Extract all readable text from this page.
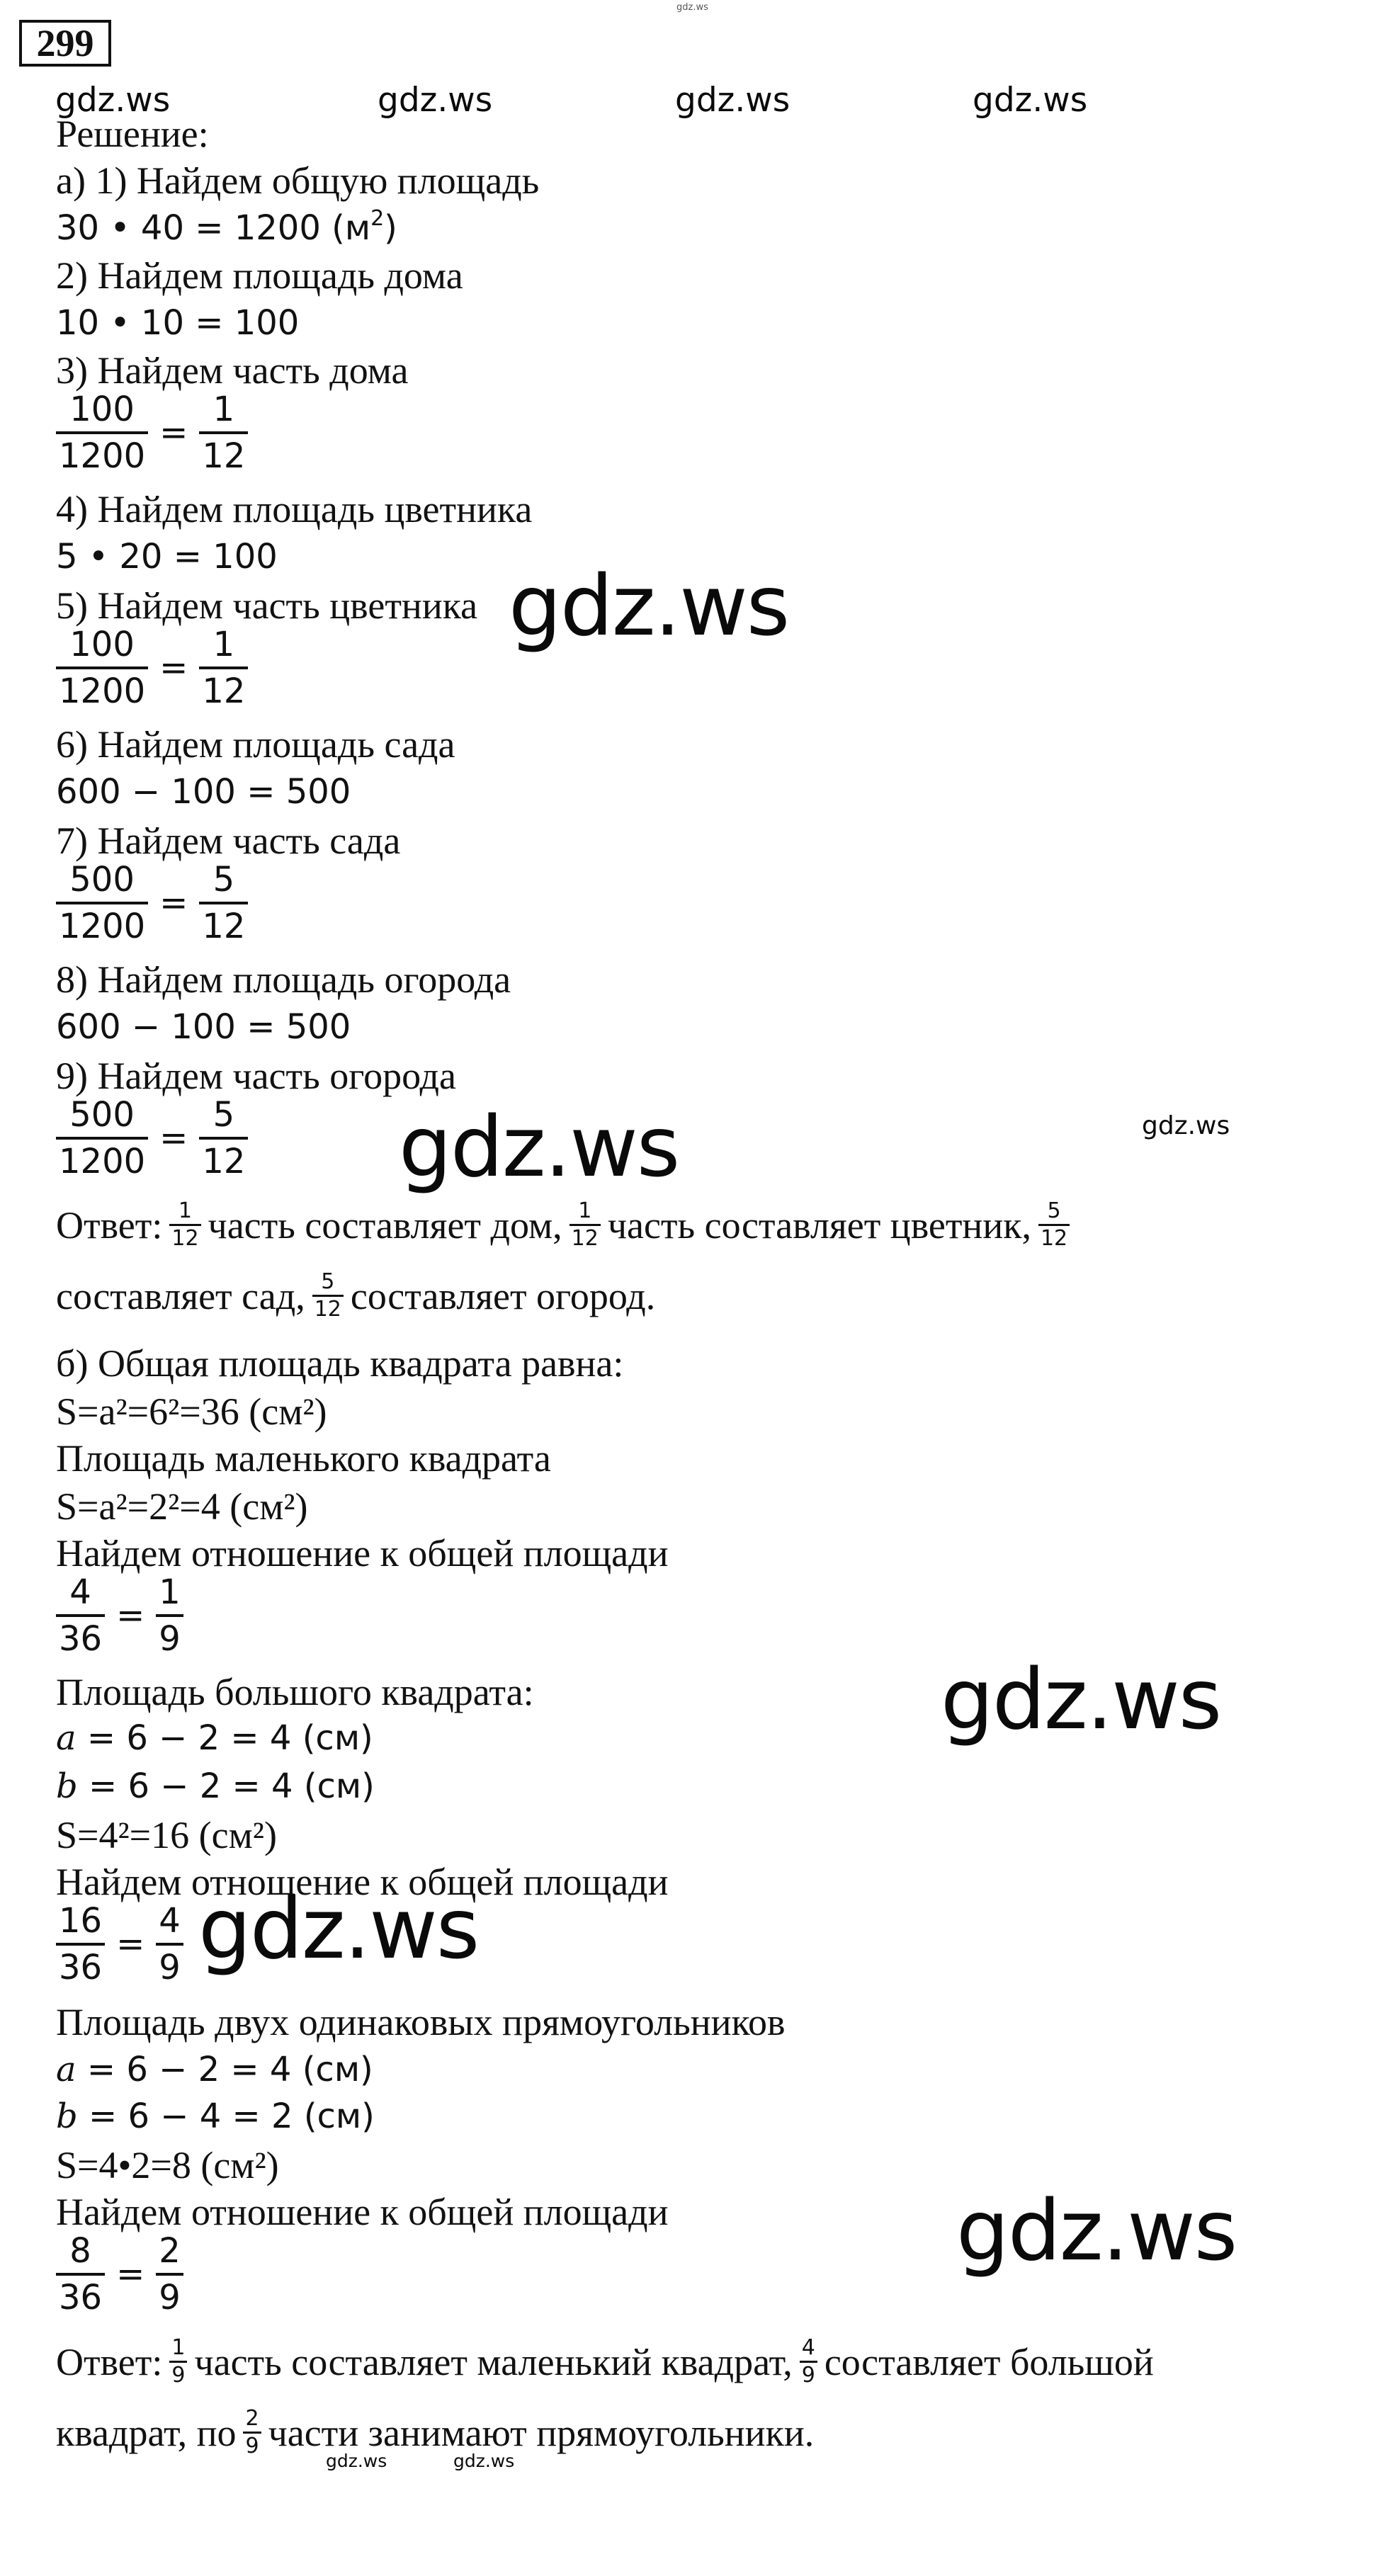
gdz.ws
299
gdz.ws	gdz.ws	gdz.ws	gdz.ws
Решение:
а) 1) Найдем общую площадь
30 • 40 = 1200 $(м^2)$
2) Найдем площадь дома
10 • 10 = 100
3) Найдем часть дома
$\frac{100}{1200} = \frac{1}{12}$
4) Найдем площадь цветника
5 • 20 = 100
5) Найдем часть цветника
$\frac{100}{1200} = \frac{1}{12}$
gdz.ws
6) Найдем площадь сада
600 − 100 = 500
7) Найдем часть сада
$\frac{500}{1200} = \frac{5}{12}$
8) Найдем площадь огорода
600 − 100 = 500
9) Найдем часть огорода
$\frac{500}{1200} = \frac{5}{12} gdz.ws$	gdz.ws
Ответ: 1
12 часть составляет дом, 1
12 часть составляет цветник, 5
12
составляет сад, 5
12 составляет огород.
б) Общая площадь квадрата равна:
S=a²=6²=36 (см²)
Площадь маленького квадрата
S=a²=2²=4 (см²)
Найдем отношение к общей площади
$\frac{4}{36} = \frac{1}{9}$
Площадь большого квадрата:	gdz.ws
a = 6 − 2 = 4 (см)
b = 6 − 2 = 4 (см)
S=4²=16 (см²)
Найдем отношение к общей площади
$\frac{16}{36} = \frac{4}{9} gdz.ws$
Площадь двух одинаковых прямоугольников
a = 6 − 2 = 4 (см)
b = 6 − 4 = 2 (см)
S=4•2=8 (см²)
Найдем отношение к общей площади	gdz.ws
$\frac{8}{36} = \frac{2}{9}$
Ответ: 1
9 часть составляет маленький квадрат, 4
9 составляет большой
квадрат, по 2
9 части занимают прямоугольники.
gdz.ws	gdz.ws
